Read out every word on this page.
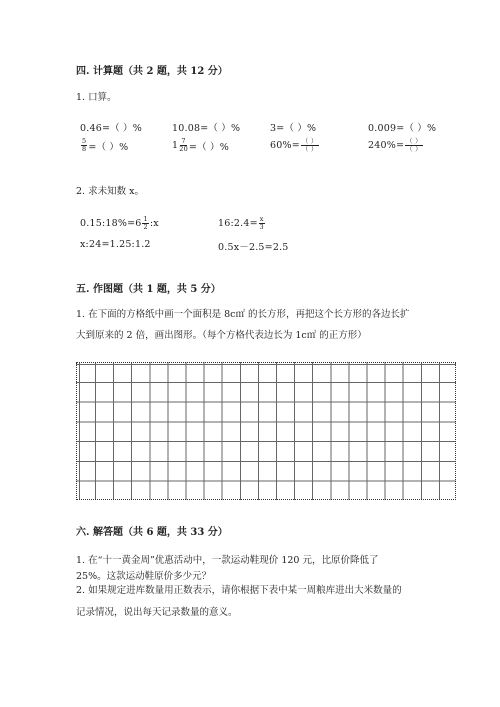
四. 计算题（共 2 题，共 12 分）
1. 口算。
0.46=（ ）%	10.08=（ ）%	3=（ ）%	0.009=（ ）%
$\frac{5}{8}$ =（ ）%	$1 \frac{7}{20}$ =（ ）%	$60\%= \frac{( )}{( )}$	$240\%= \frac{( )}{( )}$
2. 求未知数 x。
0.15:18%=6 $\frac{1}{2}$ :x	16:2.4= $\frac{x}{3}$
x:24=1.25:1.2	0.5x－2.5=2.5
五. 作图题（共 1 题，共 5 分）
1. 在下面的方格纸中画一个面积是 8c㎡ 的长方形，再把这个长方形的各边长扩
大到原来的 2 倍，画出图形。（每个方格代表边长为 1c㎡ 的正方形）
六. 解答题（共 6 题，共 33 分）
1. 在“十一黄金周”优惠活动中，一款运动鞋现价 120 元，比原价降低了
25%。这款运动鞋原价多少元？
2. 如果规定进库数量用正数表示，请你根据下表中某一周粮库进出大米数量的
记录情况，说出每天记录数量的意义。
